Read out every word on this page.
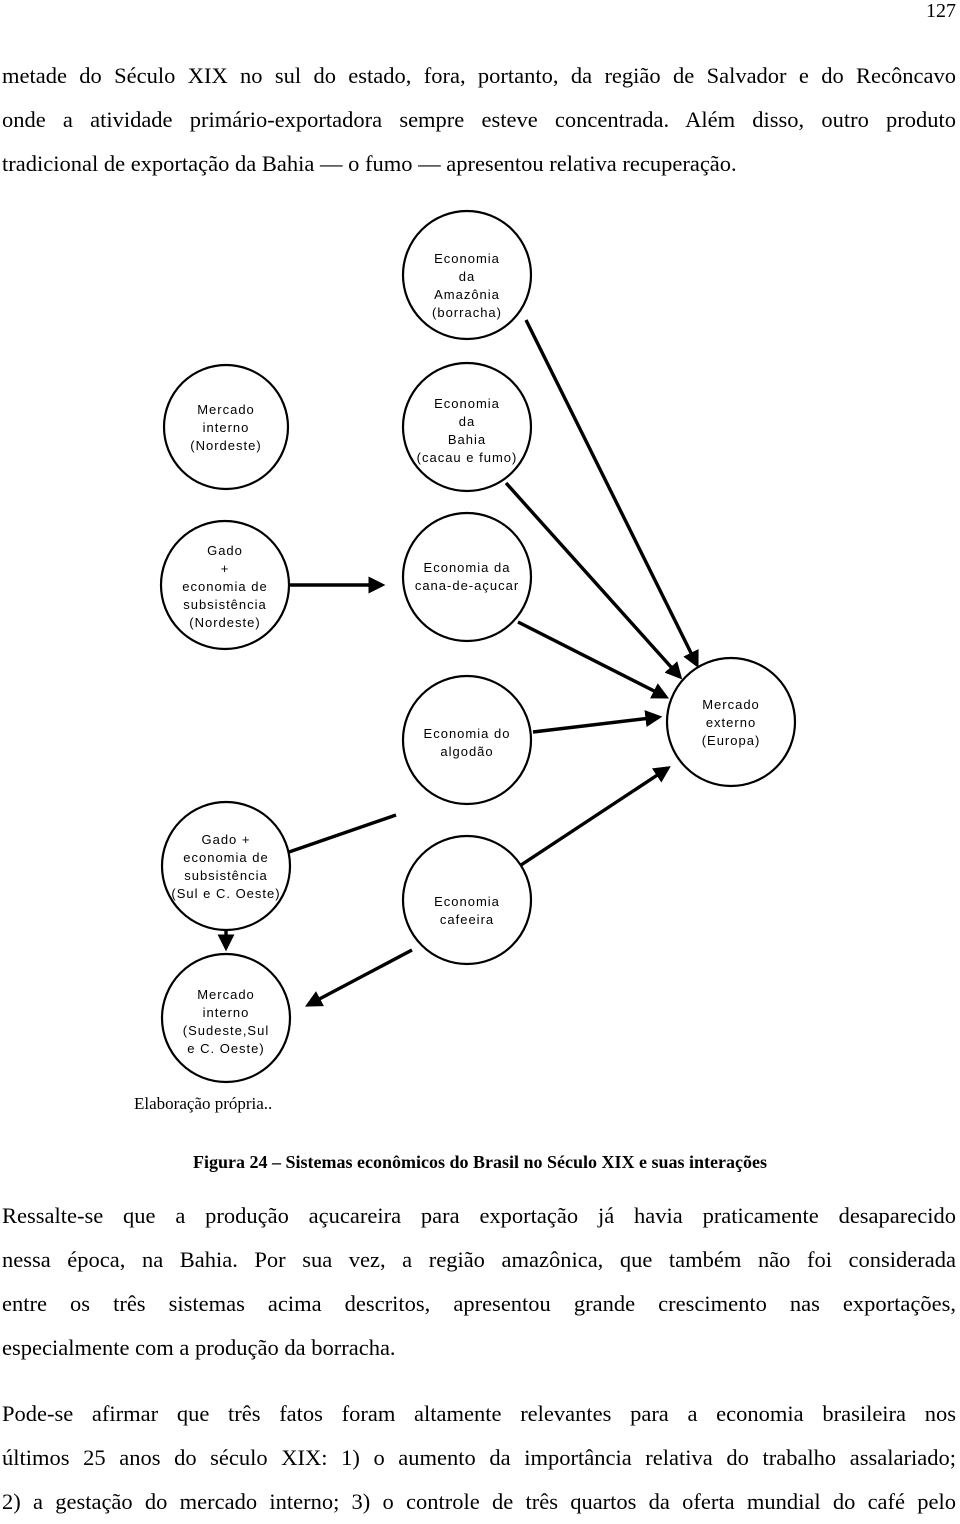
127
metade do Século XIX no sul do estado, fora, portanto, da região de Salvador e do Recôncavo
onde a atividade primário-exportadora sempre esteve concentrada. Além disso, outro produto
tradicional de exportação da Bahia — o fumo — apresentou relativa recuperação.
Economia
da
Amazônia
(borracha)
Mercado
interno
(Nordeste)
Economia
da
Bahia
(cacau e fumo)
Gado
+
economia de
subsistência
(Nordeste)
Economia da
cana-de-açucar
Economia do
algodão
Mercado
externo
(Europa)
Gado +
economia de
subsistência
(Sul e C. Oeste)
Economia
cafeeira
Mercado
interno
(Sudeste,Sul
e C. Oeste)
Elaboração própria..
Figura 24 – Sistemas econômicos do Brasil no Século XIX e suas interações
Ressalte-se que a produção açucareira para exportação já havia praticamente desaparecido
nessa época, na Bahia. Por sua vez, a região amazônica, que também não foi considerada
entre os três sistemas acima descritos, apresentou grande crescimento nas exportações,
especialmente com a produção da borracha.
Pode-se afirmar que três fatos foram altamente relevantes para a economia brasileira nos
últimos 25 anos do século XIX: 1) o aumento da importância relativa do trabalho assalariado;
2) a gestação do mercado interno; 3) o controle de três quartos da oferta mundial do café pelo
